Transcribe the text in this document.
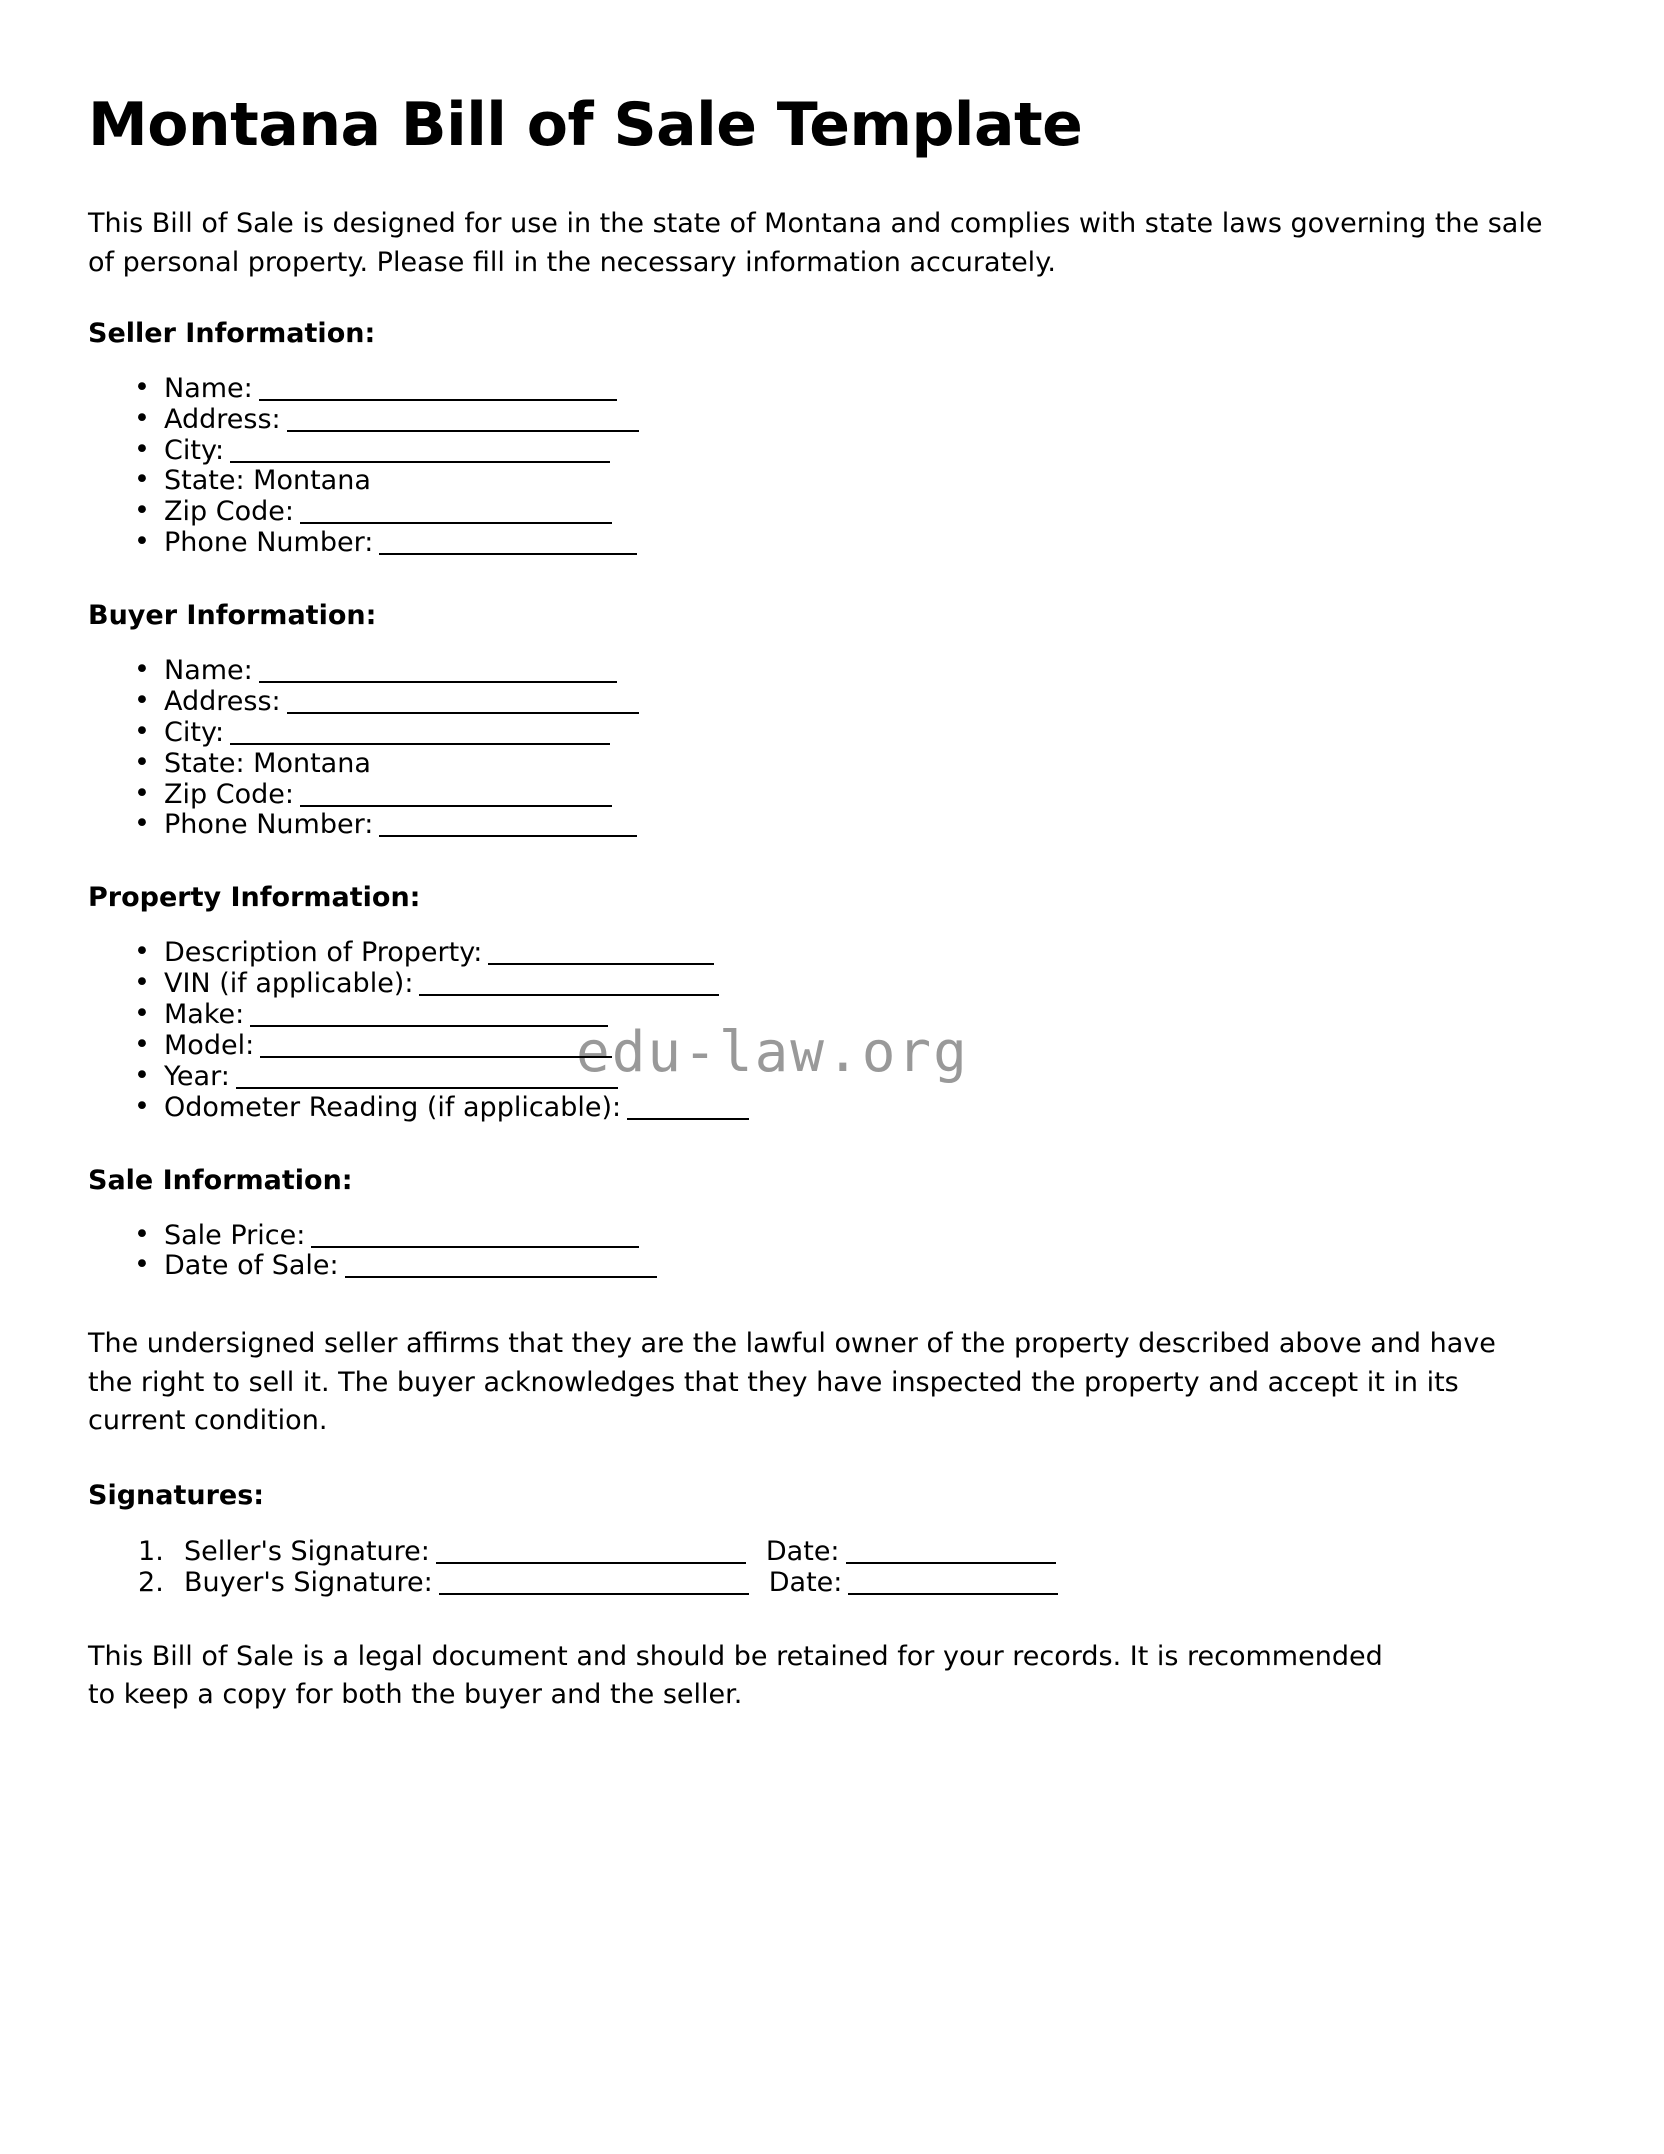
edu-law.org
Montana Bill of Sale Template

This Bill of Sale is designed for use in the state of Montana and complies with state laws governing the sale of personal property. Please fill in the necessary information accurately.

Seller Information:
• Name:
• Address:
• City:
• State: Montana
• Zip Code:
• Phone Number:
Buyer Information:
• Name:
• Address:
• City:
• State: Montana
• Zip Code:
• Phone Number:
Property Information:
• Description of Property:
• VIN (if applicable):
• Make:
• Model:
• Year:
• Odometer Reading (if applicable):
Sale Information:
• Sale Price:
• Date of Sale:

The undersigned seller affirms that they are the lawful owner of the property described above and have the right to sell it. The buyer acknowledges that they have inspected the property and accept it in its current condition.

Signatures:
Seller's Signature:	Date:
Buyer's Signature:	Date:

This Bill of Sale is a legal document and should be retained for your records. It is recommended to keep a copy for both the buyer and the seller.
